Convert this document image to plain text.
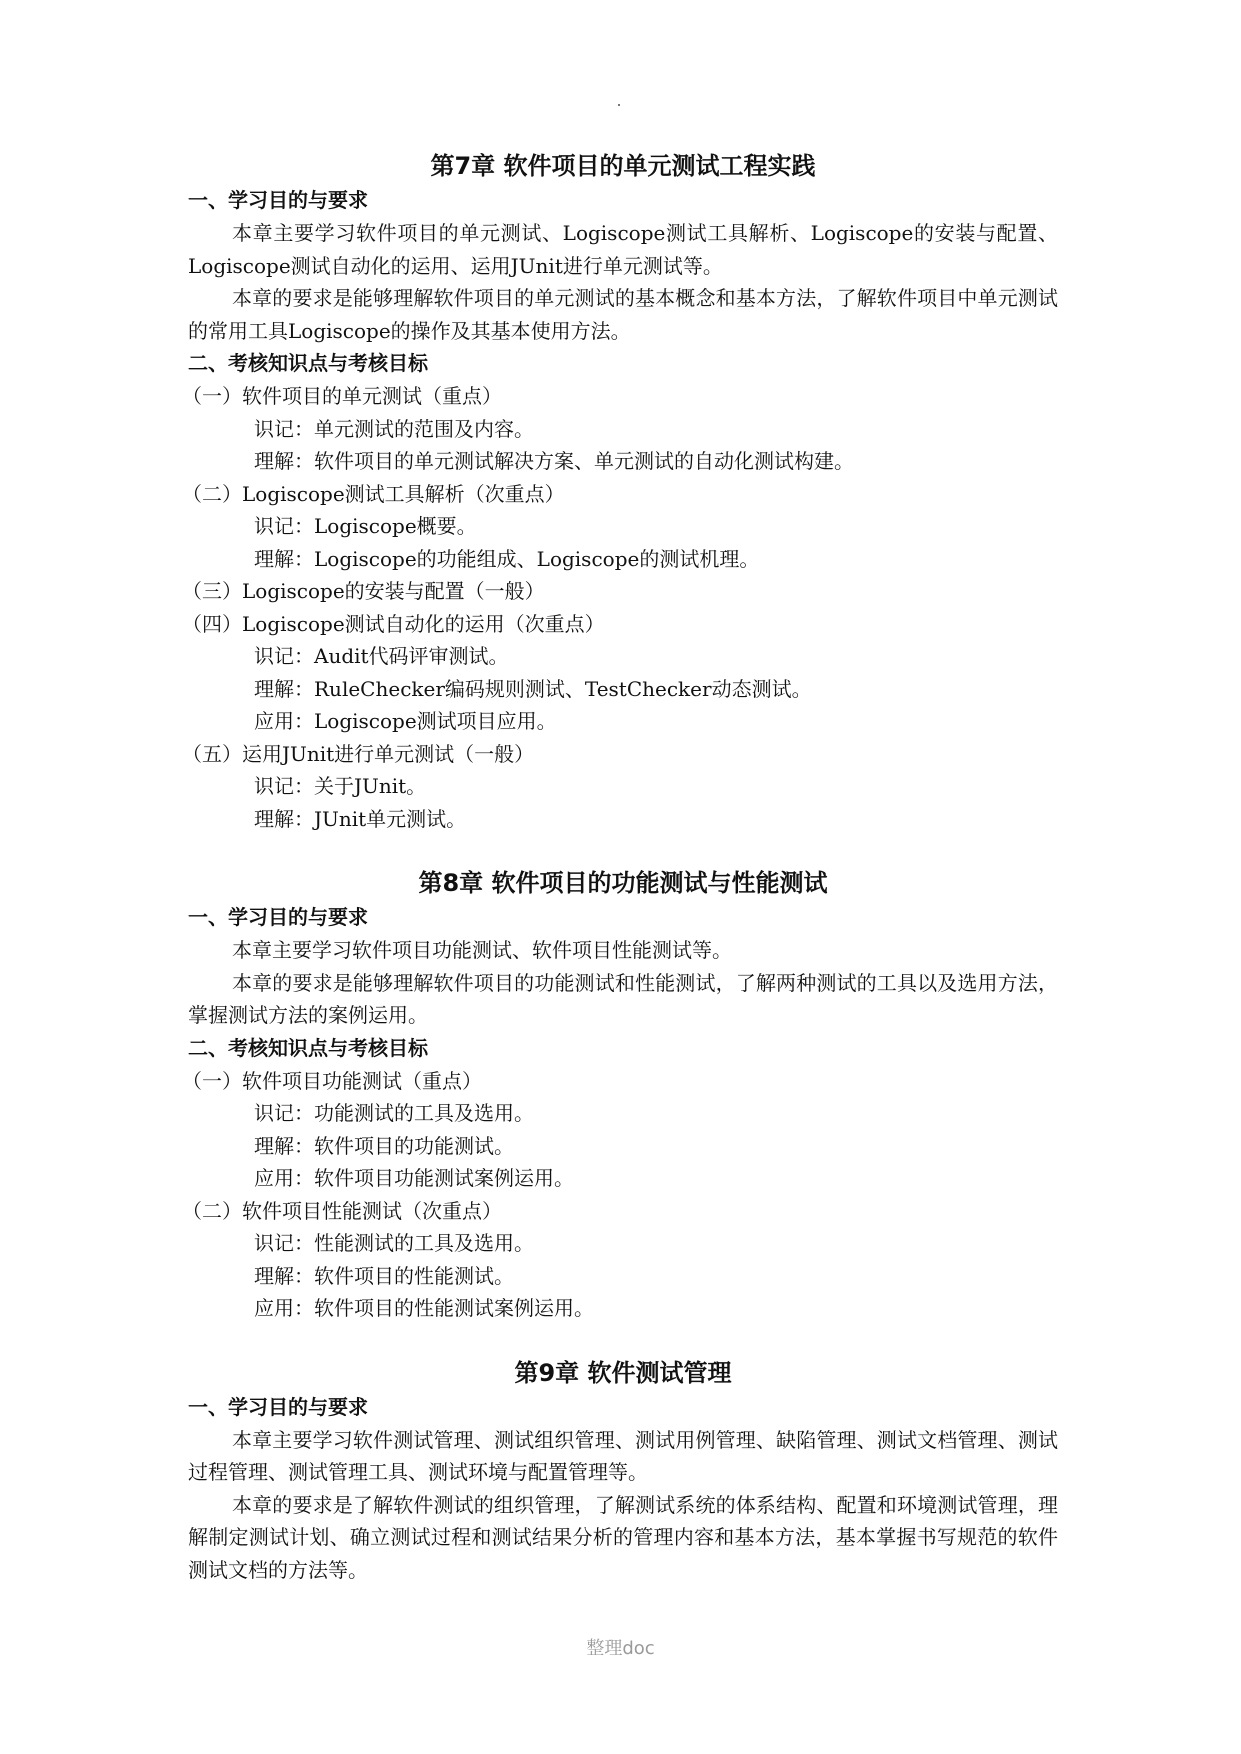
第7章 软件项目的单元测试工程实践

一、学习目的与要求

本章主要学习软件项目的单元测试、Logiscope测试工具解析、Logiscope的安装与配置、Logiscope测试自动化的运用、运用JUnit进行单元测试等。

本章的要求是能够理解软件项目的单元测试的基本概念和基本方法，了解软件项目中单元测试的常用工具Logiscope的操作及其基本使用方法。

二、考核知识点与考核目标

（一）软件项目的单元测试（重点）

识记：单元测试的范围及内容。

理解：软件项目的单元测试解决方案、单元测试的自动化测试构建。

（二）Logiscope测试工具解析（次重点）

识记：Logiscope概要。

理解：Logiscope的功能组成、Logiscope的测试机理。

（三）Logiscope的安装与配置（一般）

（四）Logiscope测试自动化的运用（次重点）

识记：Audit代码评审测试。

理解：RuleChecker编码规则测试、TestChecker动态测试。

应用：Logiscope测试项目应用。

（五）运用JUnit进行单元测试（一般）

识记：关于JUnit。

理解：JUnit单元测试。

第8章 软件项目的功能测试与性能测试

一、学习目的与要求

本章主要学习软件项目功能测试、软件项目性能测试等。

本章的要求是能够理解软件项目的功能测试和性能测试，了解两种测试的工具以及选用方法，掌握测试方法的案例运用。

二、考核知识点与考核目标

（一）软件项目功能测试（重点）

识记：功能测试的工具及选用。

理解：软件项目的功能测试。

应用：软件项目功能测试案例运用。

（二）软件项目性能测试（次重点）

识记：性能测试的工具及选用。

理解：软件项目的性能测试。

应用：软件项目的性能测试案例运用。

第9章 软件测试管理

一、学习目的与要求

本章主要学习软件测试管理、测试组织管理、测试用例管理、缺陷管理、测试文档管理、测试过程管理、测试管理工具、测试环境与配置管理等。

本章的要求是了解软件测试的组织管理，了解测试系统的体系结构、配置和环境测试管理，理解制定测试计划、确立测试过程和测试结果分析的管理内容和基本方法，基本掌握书写规范的软件测试文档的方法等。

整理doc
